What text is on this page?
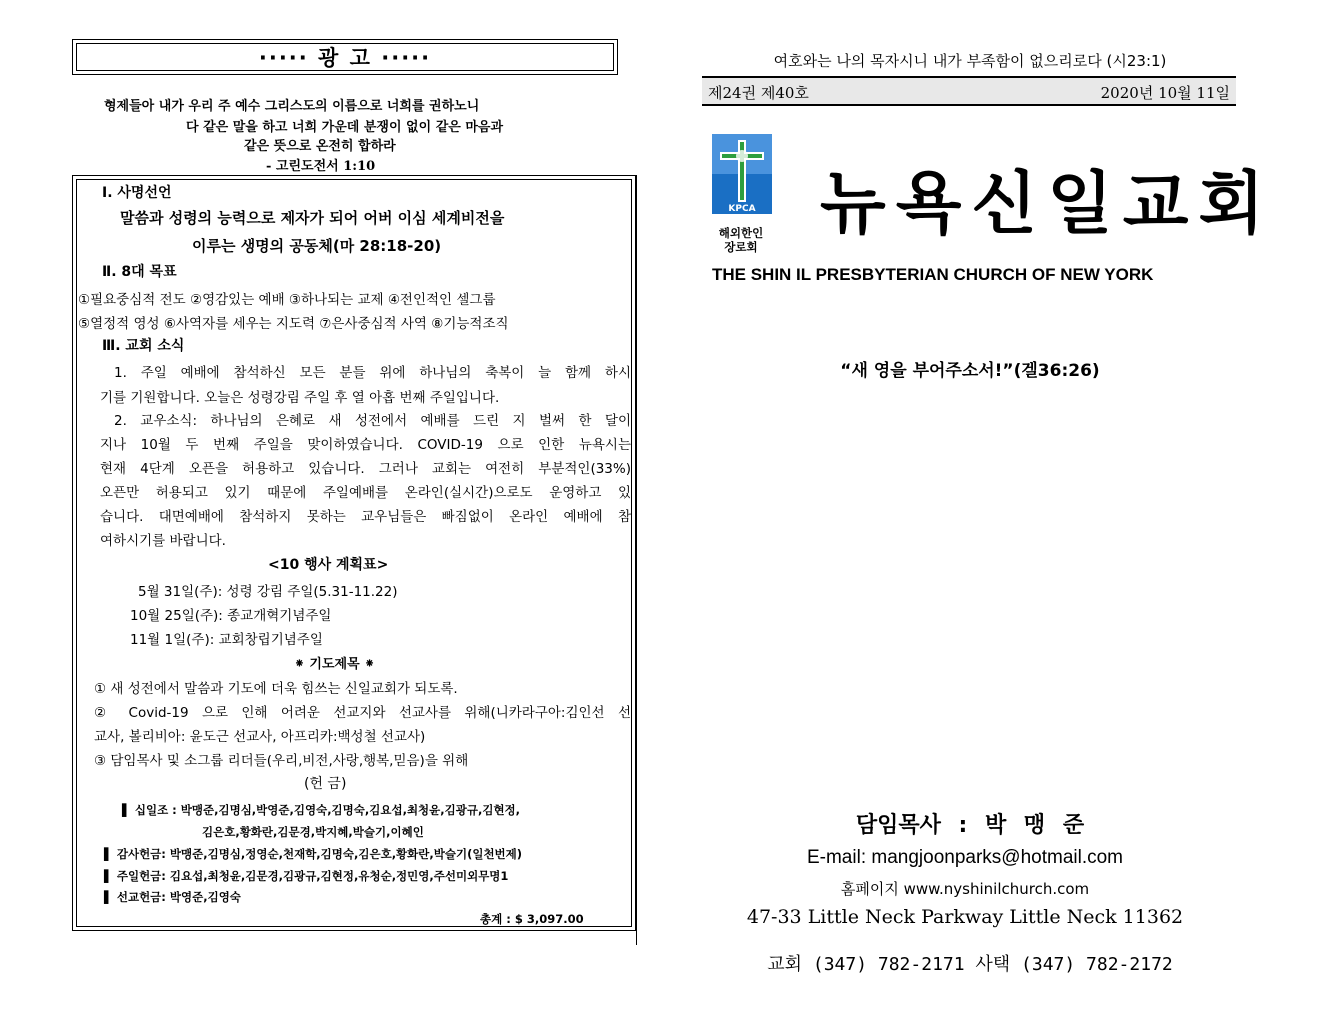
····· 광 고 ·····
형제들아 내가 우리 주 예수 그리스도의 이름으로 너희를 권하노니
다 같은 말을 하고 너희 가운데 분쟁이 없이 같은 마음과
같은 뜻으로 온전히 합하라
- 고린도전서 1:10
Ⅰ. 사명선언
말씀과 성령의 능력으로 제자가 되어 어버 이심 세계비전을
이루는 생명의 공동체(마 28:18-20)
Ⅱ. 8대 목표
①필요중심적 전도 ②영감있는 예배 ③하나되는 교제 ④전인적인 셀그룹
⑤열정적 영성 ⑥사역자를 세우는 지도력 ⑦은사중심적 사역 ⑧기능적조직
Ⅲ. 교회 소식
1. 주일 예배에 참석하신 모든 분들 위에 하나님의 축복이 늘 함께 하시
기를 기원합니다. 오늘은 성령강림 주일 후 열 아홉 번째 주일입니다.
2. 교우소식: 하나님의 은혜로 새 성전에서 예배를 드린 지 벌써 한 달이
지나 10월 두 번째 주일을 맞이하였습니다. COVID-19 으로 인한 뉴욕시는
현재 4단계 오픈을 허용하고 있습니다. 그러나 교회는 여전히 부분적인(33%)
오픈만 허용되고 있기 때문에 주일예배를 온라인(실시간)으로도 운영하고 있
습니다. 대면예배에 참석하지 못하는 교우님들은 빠짐없이 온라인 예배에 참
여하시기를 바랍니다.
<10 행사 계획표>
5월 31일(주): 성령 강림 주일(5.31-11.22)
10월 25일(주): 종교개혁기념주일
11월 1일(주): 교회창립기념주일
⁕ 기도제목 ⁕
① 새 성전에서 말씀과 기도에 더욱 힘쓰는 신일교회가 되도록.
② Covid-19 으로 인해 어려운 선교지와 선교사를 위해(니카라구아:김인선 선
교사, 볼리비아: 윤도근 선교사, 아프리카:백성철 선교사)
③ 담임목사 및 소그룹 리더들(우리,비전,사랑,행복,믿음)을 위해
(헌 금)
▌ 십일조 : 박맹준,김명심,박영준,김영숙,김명숙,김요섭,최청윤,김광규,김현정,
김은호,황화란,김문경,박지혜,박슬기,이혜인
▌ 감사헌금: 박맹준,김명심,정영순,천재학,김명숙,김은호,황화란,박슬기(일천번제)
▌ 주일헌금: 김요섭,최청윤,김문경,김광규,김현정,유청순,정민영,주선미외무명1
▌ 선교헌금: 박영준,김영숙
총계 : $ 3,097.00
여호와는 나의 목자시니 내가 부족함이 없으리로다 (시23:1)
제24권 제40호	2020년 10월 11일
KPCA
해외한인
장로회
뉴욕신일교회
THE SHIN IL PRESBYTERIAN CHURCH OF NEW YORK
“새 영을 부어주소서!”(겔36:26)
담임목사 : 박 맹 준
E-mail: mangjoonparks@hotmail.com
홈페이지 www.nyshinilchurch.com
47-33 Little Neck Parkway Little Neck 11362
교회 (347) 782-2171 사택 (347) 782-2172
